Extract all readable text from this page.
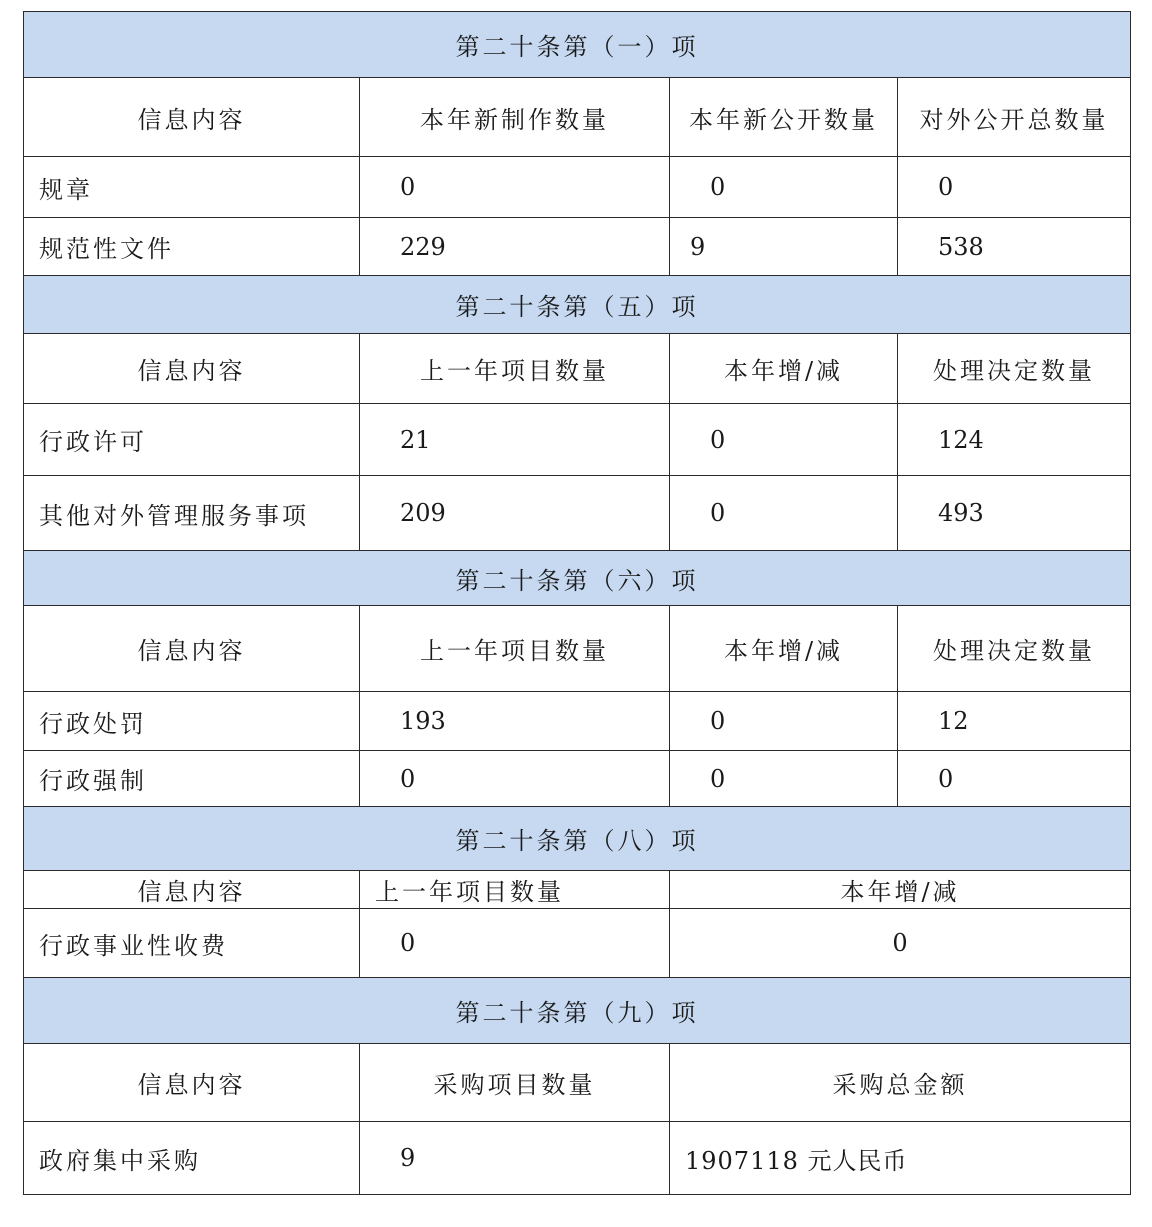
第二十条第（一）项			
信息内容	本年新制作数量	本年新公开数量	对外公开总数量
规章	0	0	0
规范性文件	229	9	538
第二十条第（五）项			
信息内容	上一年项目数量	本年增/减	处理决定数量
行政许可	21	0	124
其他对外管理服务事项	209	0	493
第二十条第（六）项			
信息内容	上一年项目数量	本年增/减	处理决定数量
行政处罚	193	0	12
行政强制	0	0	0
第二十条第（八）项			
信息内容	上一年项目数量	本年增/减	
行政事业性收费	0	0	
第二十条第（九）项			
信息内容	采购项目数量	采购总金额	
政府集中采购	9	1907118 元人民币	
